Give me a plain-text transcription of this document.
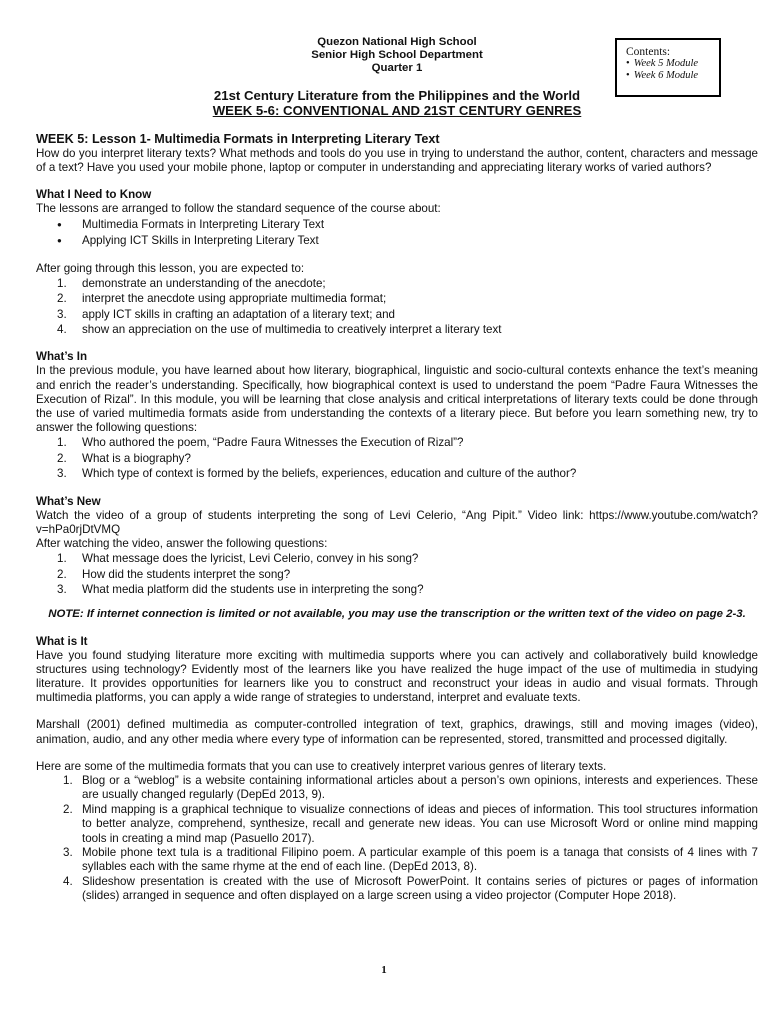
Contents:
• Week 5 Module
• Week 6 Module
Quezon National High School
Senior High School Department
Quarter 1
21st Century Literature from the Philippines and the World
WEEK 5-6: CONVENTIONAL AND 21ST CENTURY GENRES
WEEK 5: Lesson 1- Multimedia Formats in Interpreting Literary Text

How do you interpret literary texts? What methods and tools do you use in trying to understand the author, content, characters and message of a text? Have you used your mobile phone, laptop or computer in understanding and appreciating literary works of varied authors?

What I Need to Know

The lessons are arranged to follow the standard sequence of the course about:

● Multimedia Formats in Interpreting Literary Text
● Applying ICT Skills in Interpreting Literary Text

After going through this lesson, you are expected to:

1. demonstrate an understanding of the anecdote;
2. interpret the anecdote using appropriate multimedia format;
3. apply ICT skills in crafting an adaptation of a literary text; and
4. show an appreciation on the use of multimedia to creatively interpret a literary text
What’s In

In the previous module, you have learned about how literary, biographical, linguistic and socio-cultural contexts enhance the text’s meaning and enrich the reader’s understanding. Specifically, how biographical context is used to understand the poem “Padre Faura Witnesses the Execution of Rizal”. In this module, you will be learning that close analysis and critical interpretations of literary texts could be done through the use of varied multimedia formats aside from understanding the contexts of a literary piece. But before you learn something new, try to answer the following questions:

1. Who authored the poem, “Padre Faura Witnesses the Execution of Rizal”?
2. What is a biography?
3. Which type of context is formed by the beliefs, experiences, education and culture of the author?
What’s New

Watch the video of a group of students interpreting the song of Levi Celerio, “Ang Pipit.” Video link: https://www.youtube.com/watch?v=hPa0rjDtVMQ

After watching the video, answer the following questions:

1. What message does the lyricist, Levi Celerio, convey in his song?
2. How did the students interpret the song?
3. What media platform did the students use in interpreting the song?
NOTE: If internet connection is limited or not available, you may use the transcription or the written text of the video on page 2-3.
What is It

Have you found studying literature more exciting with multimedia supports where you can actively and collaboratively build knowledge structures using technology? Evidently most of the learners like you have realized the huge impact of the use of multimedia in studying literature. It provides opportunities for learners like you to construct and reconstruct your ideas in audio and visual formats. Through multimedia platforms, you can apply a wide range of strategies to understand, interpret and evaluate texts.

Marshall (2001) defined multimedia as computer-controlled integration of text, graphics, drawings, still and moving images (video), animation, audio, and any other media where every type of information can be represented, stored, transmitted and processed digitally.

Here are some of the multimedia formats that you can use to creatively interpret various genres of literary texts.

1. Blog or a “weblog” is a website containing informational articles about a person’s own opinions, interests and experiences. These are usually changed regularly (DepEd 2013, 9).
2. Mind mapping is a graphical technique to visualize connections of ideas and pieces of information. This tool structures information to better analyze, comprehend, synthesize, recall and generate new ideas. You can use Microsoft Word or online mind mapping tools in creating a mind map (Pasuello 2017).
3. Mobile phone text tula is a traditional Filipino poem. A particular example of this poem is a tanaga that consists of 4 lines with 7 syllables each with the same rhyme at the end of each line. (DepEd 2013, 8).
4. Slideshow presentation is created with the use of Microsoft PowerPoint. It contains series of pictures or pages of information (slides) arranged in sequence and often displayed on a large screen using a video projector (Computer Hope 2018).
1
